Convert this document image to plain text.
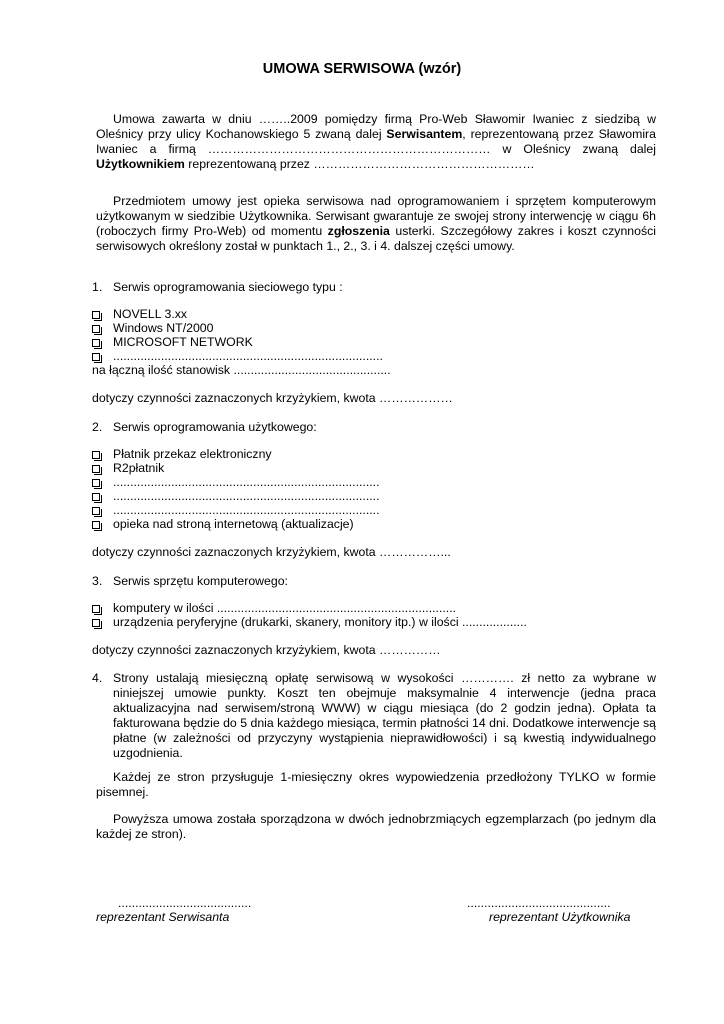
UMOWA SERWISOWA (wzór)

Umowa zawarta w dniu ……..2009 pomiędzy firmą Pro-Web Sławomir Iwaniec z siedzibą w Oleśnicy przy ulicy Kochanowskiego 5 zwaną dalej Serwisantem, reprezentowaną przez Sławomira Iwaniec a firmą …………………………………………………………… w Oleśnicy zwaną dalej Użytkownikiem reprezentowaną przez ………………………………………………

Przedmiotem umowy jest opieka serwisowa nad oprogramowaniem i sprzętem komputerowym użytkowanym w siedzibie Użytkownika. Serwisant gwarantuje ze swojej strony interwencję w ciągu 6h (roboczych firmy Pro-Web) od momentu zgłoszenia usterki. Szczegółowy zakres i koszt czynności serwisowych określony został w punktach 1., 2., 3. i 4. dalszej części umowy.

1. Serwis oprogramowania sieciowego typu :
NOVELL 3.xx
Windows NT/2000
MICROSOFT NETWORK
...............................................................................
na łączną ilość stanowisk ..............................................
dotyczy czynności zaznaczonych krzyżykiem, kwota ………………
2. Serwis oprogramowania użytkowego:
Płatnik przekaz elektroniczny
R2płatnik
..............................................................................
..............................................................................
..............................................................................
opieka nad stroną internetową (aktualizacje)
dotyczy czynności zaznaczonych krzyżykiem, kwota ……………...
3. Serwis sprzętu komputerowego:
komputery w ilości ......................................................................
urządzenia peryferyjne (drukarki, skanery, monitory itp.) w ilości ...................
dotyczy czynności zaznaczonych krzyżykiem, kwota ……………
4. Strony ustalają miesięczną opłatę serwisową w wysokości …………. zł netto za wybrane w niniejszej umowie punkty. Koszt ten obejmuje maksymalnie 4 interwencje (jedna praca aktualizacyjna nad serwisem/stroną WWW) w ciągu miesiąca (do 2 godzin jedna). Opłata ta fakturowana będzie do 5 dnia każdego miesiąca, termin płatności 14 dni. Dodatkowe interwencje są płatne (w zależności od przyczyny wystąpienia nieprawidłowości) i są kwestią indywidualnego uzgodnienia.

Każdej ze stron przysługuje 1-miesięczny okres wypowiedzenia przedłożony TYLKO w formie pisemnej.

Powyższa umowa została sporządzona w dwóch jednobrzmiących egzemplarzach (po jednym dla każdej ze stron).

.......................................
reprezentant Serwisanta
..........................................
reprezentant Użytkownika
